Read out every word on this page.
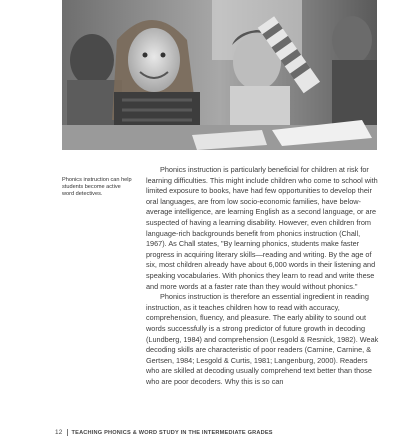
Phonics instruction can help students become active word detectives.

Phonics instruction is particularly beneficial for children at risk for learning difficulties. This might include children who come to school with limited exposure to books, have had few opportunities to develop their oral languages, are from low socio-economic families, have below-average intelligence, are learning English as a second language, or are suspected of having a learning disability. However, even children from language-rich backgrounds benefit from phonics instruction (Chall, 1967). As Chall states, "By learning phonics, students make faster progress in acquiring literary skills—reading and writing. By the age of six, most children already have about 6,000 words in their listening and speaking vocabularies. With phonics they learn to read and write these and more words at a faster rate than they would without phonics."

Phonics instruction is therefore an essential ingredient in reading instruction, as it teaches children how to read with accuracy, comprehension, fluency, and pleasure. The early ability to sound out words successfully is a strong predictor of future growth in decoding (Lundberg, 1984) and comprehension (Lesgold & Resnick, 1982). Weak decoding skills are characteristic of poor readers (Carnine, Carnine, & Gertsen, 1984; Lesgold & Curtis, 1981; Langenburg, 2000). Readers who are skilled at decoding usually comprehend text better than those who are poor decoders. Why this is so can

12 TEACHING PHONICS & WORD STUDY IN THE INTERMEDIATE GRADES
